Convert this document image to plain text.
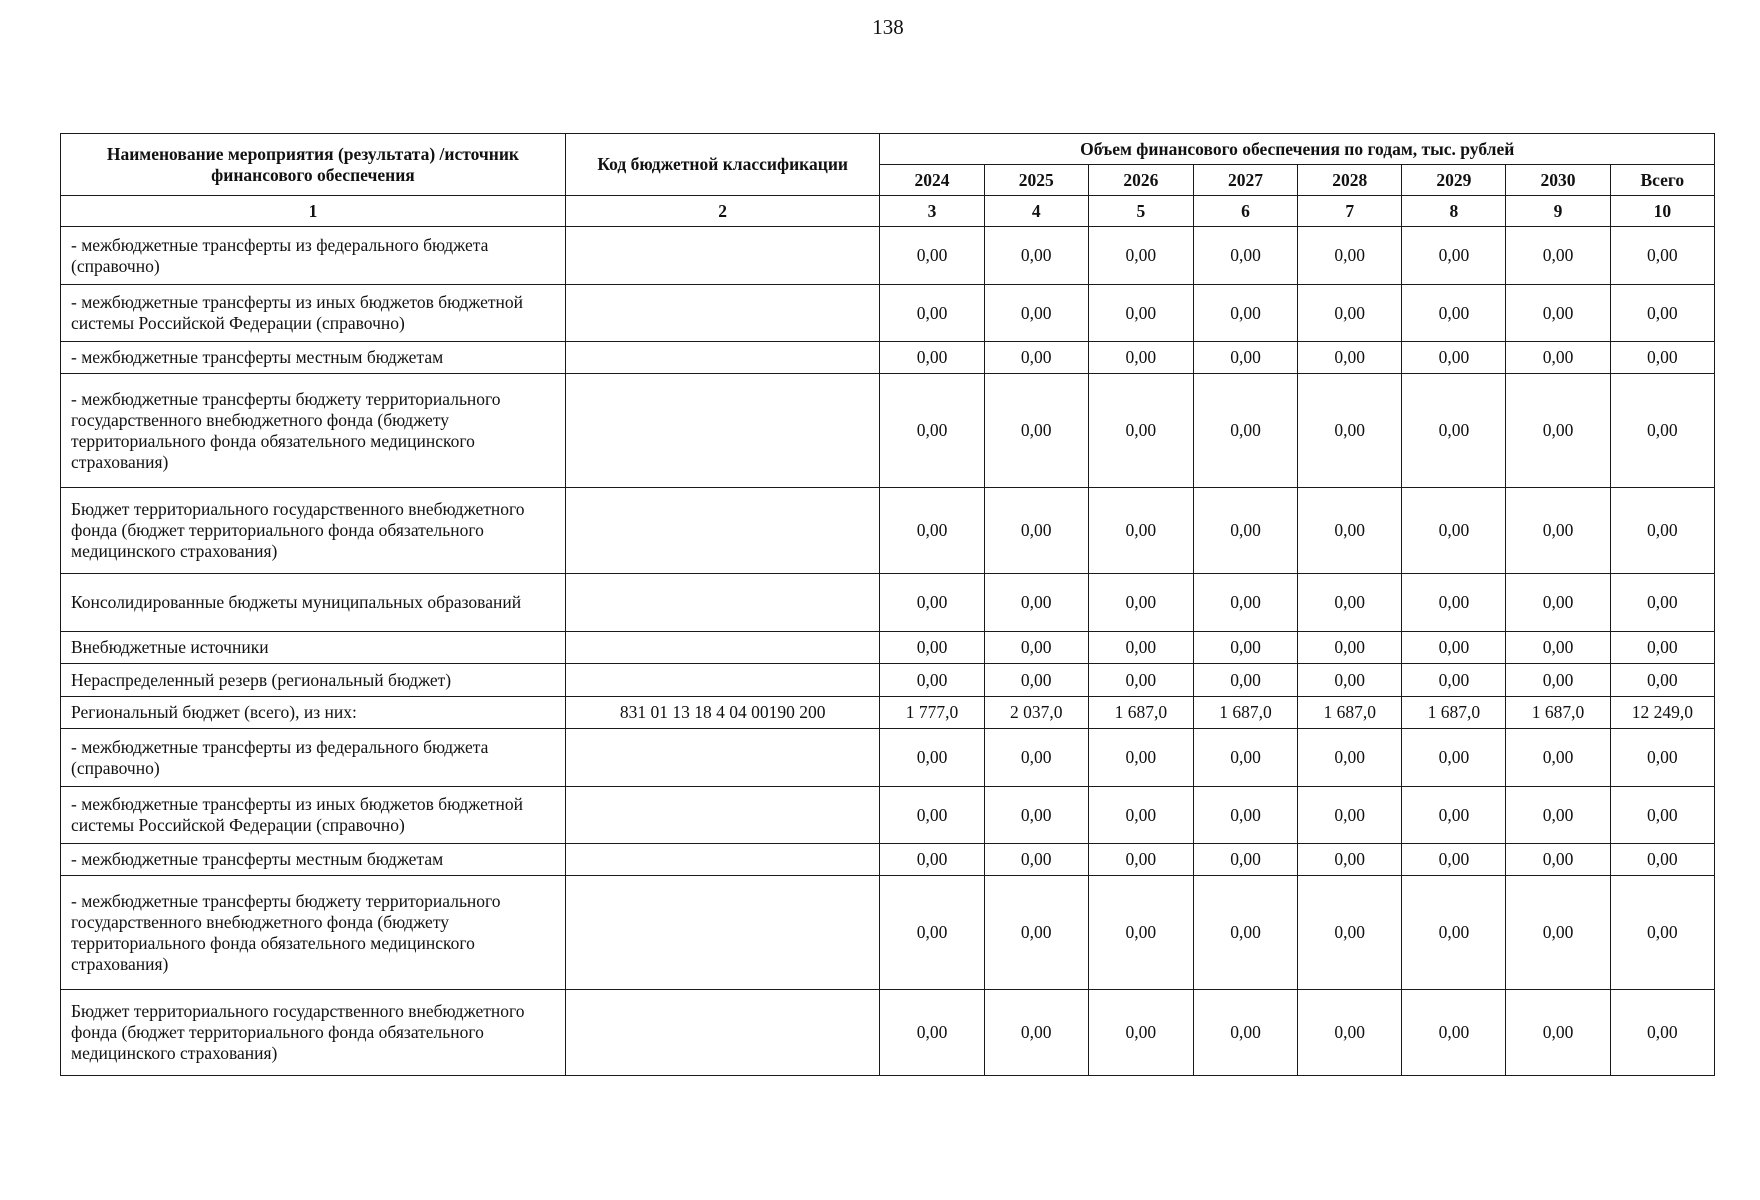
138
Наименование мероприятия (результата) /источник финансового обеспечения	Код бюджетной классификации	Объем финансового обеспечения по годам, тыс. рублей							
		2024	2025	2026	2027	2028	2029	2030	Всего
1	2	3	4	5	6	7	8	9	10
- межбюджетные трансферты из федерального бюджета (справочно)		0,00	0,00	0,00	0,00	0,00	0,00	0,00	0,00
- межбюджетные трансферты из иных бюджетов бюджетной системы Российской Федерации (справочно)		0,00	0,00	0,00	0,00	0,00	0,00	0,00	0,00
- межбюджетные трансферты местным бюджетам		0,00	0,00	0,00	0,00	0,00	0,00	0,00	0,00
- межбюджетные трансферты бюджету территориального государственного внебюджетного фонда (бюджету территориального фонда обязательного медицинского страхования)		0,00	0,00	0,00	0,00	0,00	0,00	0,00	0,00
Бюджет территориального государственного внебюджетного фонда (бюджет территориального фонда обязательного медицинского страхования)		0,00	0,00	0,00	0,00	0,00	0,00	0,00	0,00
Консолидированные бюджеты муниципальных образований		0,00	0,00	0,00	0,00	0,00	0,00	0,00	0,00
Внебюджетные источники		0,00	0,00	0,00	0,00	0,00	0,00	0,00	0,00
Нераспределенный резерв (региональный бюджет)		0,00	0,00	0,00	0,00	0,00	0,00	0,00	0,00
Региональный бюджет (всего), из них:	831 01 13 18 4 04 00190 200	1 777,0	2 037,0	1 687,0	1 687,0	1 687,0	1 687,0	1 687,0	12 249,0
- межбюджетные трансферты из федерального бюджета (справочно)		0,00	0,00	0,00	0,00	0,00	0,00	0,00	0,00
- межбюджетные трансферты из иных бюджетов бюджетной системы Российской Федерации (справочно)		0,00	0,00	0,00	0,00	0,00	0,00	0,00	0,00
- межбюджетные трансферты местным бюджетам		0,00	0,00	0,00	0,00	0,00	0,00	0,00	0,00
- межбюджетные трансферты бюджету территориального государственного внебюджетного фонда (бюджету территориального фонда обязательного медицинского страхования)		0,00	0,00	0,00	0,00	0,00	0,00	0,00	0,00
Бюджет территориального государственного внебюджетного фонда (бюджет территориального фонда обязательного медицинского страхования)		0,00	0,00	0,00	0,00	0,00	0,00	0,00	0,00
